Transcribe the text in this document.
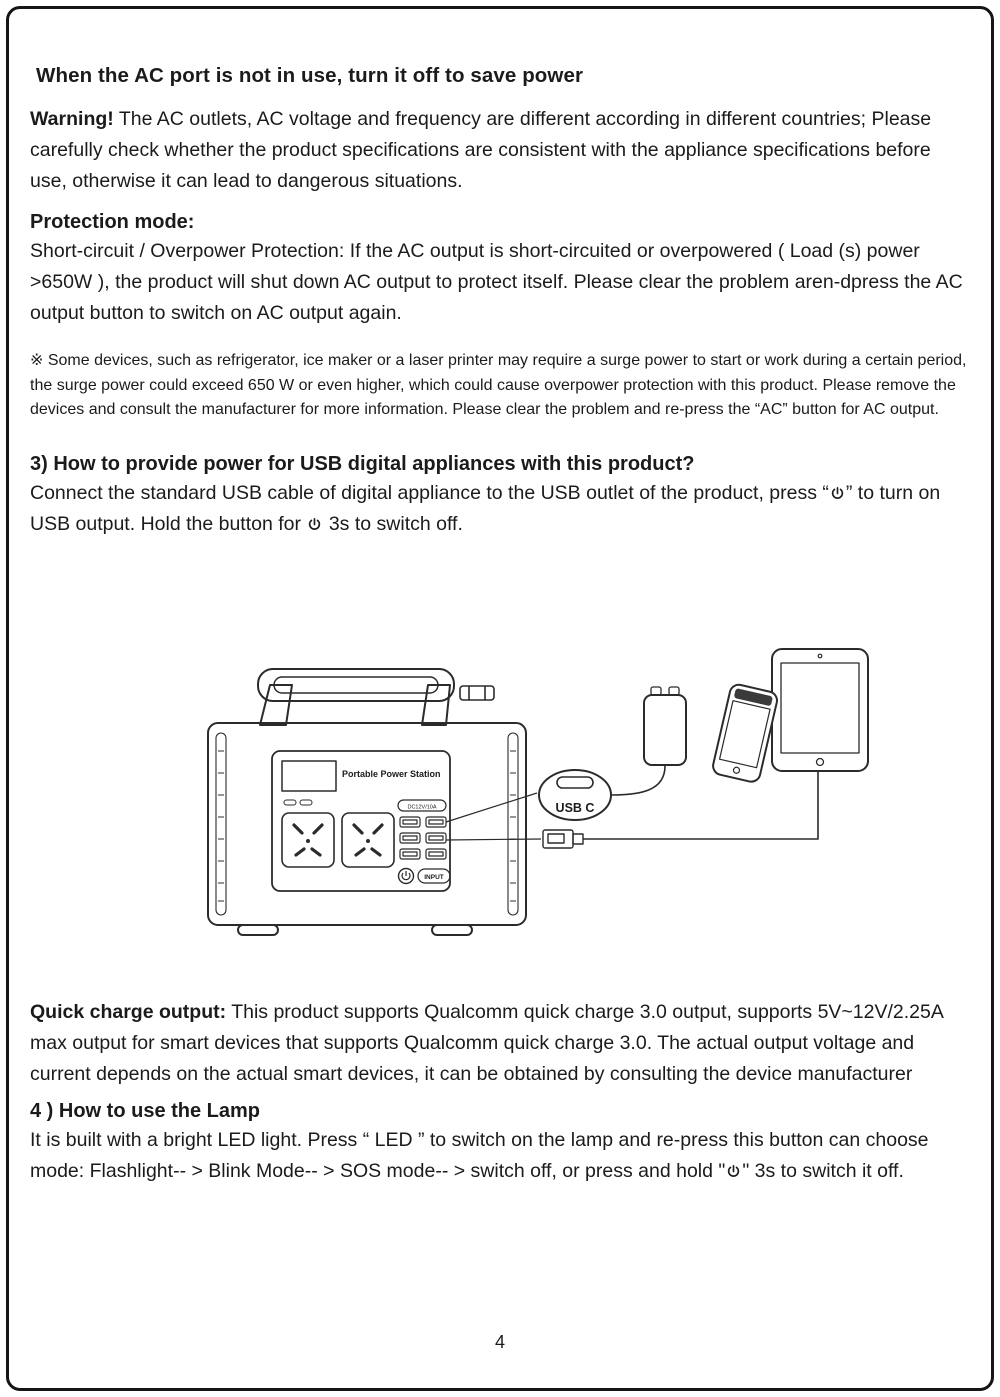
When the AC port is not in use, turn it off to save power

Warning! The AC outlets, AC voltage and frequency are different according in different countries; Please carefully check whether the product specifications are consistent with the appliance specifications before use, otherwise it can lead to dangerous situations.

Protection mode:

Short-circuit / Overpower Protection: If the AC output is short-circuited or overpowered ( Load (s) power >650W ), the product will shut down AC output to protect itself. Please clear the problem aren-dpress the AC output button to switch on AC output again.

※ Some devices, such as refrigerator, ice maker or a laser printer may require a surge power to start or work during a certain period, the surge power could exceed 650 W or even higher, which could cause overpower protection with this product. Please remove the devices and consult the manufacturer for more information. Please clear the problem and re-press the “AC” button for AC output.

3) How to provide power for USB digital appliances with this product?

Connect the standard USB cable of digital appliance to the USB outlet of the product, press “ ” to turn on USB output. Hold the button for  3s to switch off.

Portable Power Station
DC12V/10A
INPUT
USB C

Quick charge output: This product supports Qualcomm quick charge 3.0 output, supports 5V~12V/2.25A max output for smart devices that supports Qualcomm quick charge 3.0. The actual output voltage and current depends on the actual smart devices, it can be obtained by consulting the device manufacturer

4 ) How to use the Lamp

It is built with a bright LED light. Press “ LED ” to switch on the lamp and re-press this button can choose mode: Flashlight-- > Blink Mode-- > SOS mode-- > switch off, or press and hold " " 3s to switch it off.

4
